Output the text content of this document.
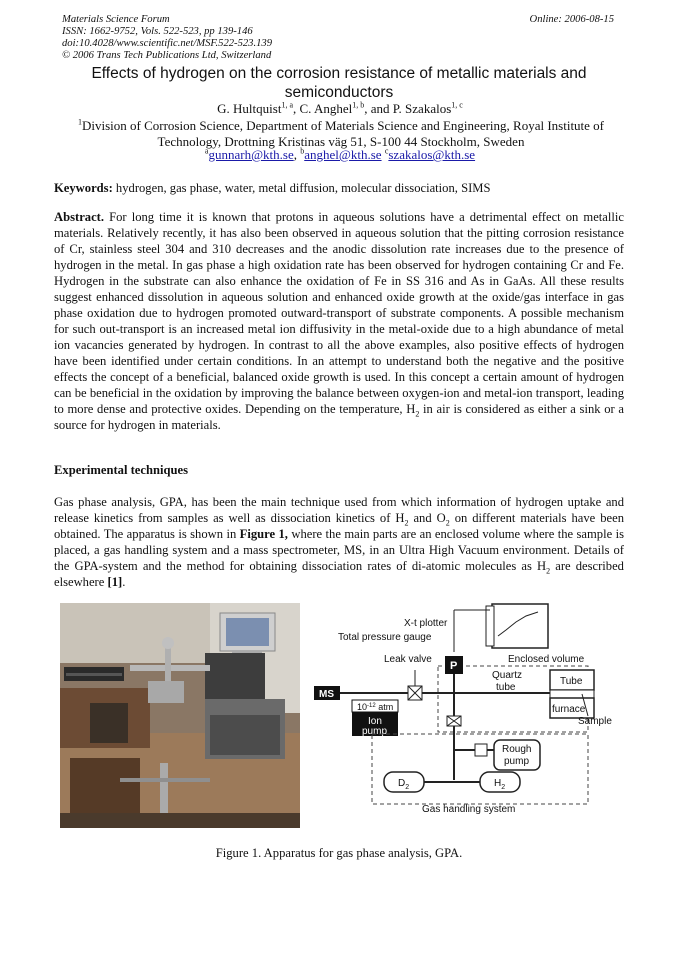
Materials Science Forum
ISSN: 1662-9752, Vols. 522-523, pp 139-146
doi:10.4028/www.scientific.net/MSF.522-523.139
© 2006 Trans Tech Publications Ltd, Switzerland
Online: 2006-08-15
Effects of hydrogen on the corrosion resistance of metallic materials and
semiconductors
G. Hultquist$^{1, a}$, C. Anghel$^{1, b}$, and P. Szakalos$^{1, c}$
$^1$Division of Corrosion Science, Department of Materials Science and Engineering, Royal Institute of Technology, Drottning Kristinas väg 51, S-100 44 Stockholm, Sweden
$^a$gunnarh@kth.se, $^b$anghel@kth.se $^c$szakalos@kth.se
Keywords: hydrogen, gas phase, water, metal diffusion, molecular dissociation, SIMS
Abstract. For long time it is known that protons in aqueous solutions have a detrimental effect on metallic materials. Relatively recently, it has also been observed in aqueous solution that the pitting corrosion resistance of Cr, stainless steel 304 and 310 decreases and the anodic dissolution rate increases due to the presence of hydrogen in the metal. In gas phase a high oxidation rate has been observed for hydrogen containing Cr and Fe. Hydrogen in the substrate can also enhance the oxidation of Fe in SS 316 and As in GaAs. All these results suggest enhanced dissolution in aqueous solution and enhanced oxide growth at the oxide/gas interface in gas phase oxidation due to hydrogen promoted outward-transport of substrate components. A possible mechanism for such out-transport is an increased metal ion diffusivity in the metal-oxide due to a high abundance of metal ion vacancies generated by hydrogen. In contrast to all the above examples, also positive effects of hydrogen have been identified under certain conditions. In an attempt to understand both the negative and the positive effects the concept of a beneficial, balanced oxide growth is used. In this concept a certain amount of hydrogen can be beneficial in the oxidation by improving the balance between oxygen-ion and metal-ion transport, leading to more dense and protective oxides. Depending on the temperature, $H_2$ in air is considered as either a sink or a source for hydrogen in materials.
Experimental techniques
Gas phase analysis, GPA, has been the main technique used from which information of hydrogen uptake and release kinetics from samples as well as dissociation kinetics of $H_2$ and $O_2$ on different materials have been obtained. The apparatus is shown in Figure 1, where the main parts are an enclosed volume where the sample is placed, a gas handling system and a mass spectrometer, MS, in an Ultra High Vacuum environment. Details of the GPA-system and the method for obtaining dissociation rates of di-atomic molecules as $H_2$ are described elsewhere [1].
X-t plotter
Total pressure gauge
Leak valve	Enclosed volume
P
Quartz
tube
MS
$10^{-12}$ atm
Ion
pump
Tube
furnace
Sample
Rough
pump
$D_2$	$H_2$
Gas handling system
Figure 1. Apparatus for gas phase analysis, GPA.
